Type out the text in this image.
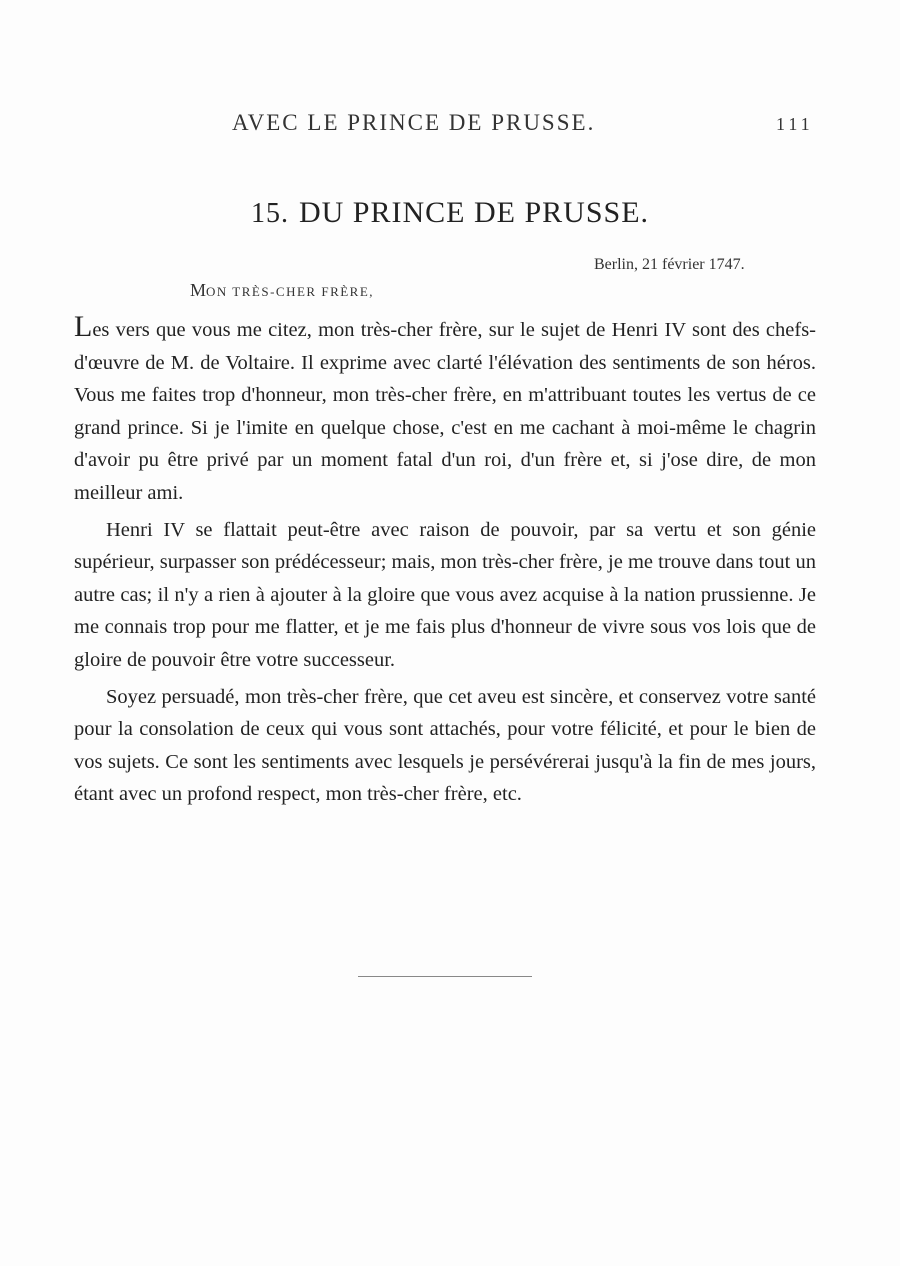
AVEC LE PRINCE DE PRUSSE.	111
15. DU PRINCE DE PRUSSE.
Berlin, 21 février 1747.
MON TRÈS-CHER FRÈRE,

Les vers que vous me citez, mon très-cher frère, sur le sujet de Henri IV sont des chefs-d'œuvre de M. de Voltaire. Il exprime avec clarté l'élévation des sentiments de son héros. Vous me faites trop d'honneur, mon très-cher frère, en m'attribuant toutes les vertus de ce grand prince. Si je l'imite en quelque chose, c'est en me cachant à moi-même le chagrin d'avoir pu être privé par un moment fatal d'un roi, d'un frère et, si j'ose dire, de mon meilleur ami.

Henri IV se flattait peut-être avec raison de pouvoir, par sa vertu et son génie supérieur, surpasser son prédécesseur; mais, mon très-cher frère, je me trouve dans tout un autre cas; il n'y a rien à ajouter à la gloire que vous avez acquise à la nation prussienne. Je me connais trop pour me flatter, et je me fais plus d'honneur de vivre sous vos lois que de gloire de pouvoir être votre successeur.

Soyez persuadé, mon très-cher frère, que cet aveu est sincère, et conservez votre santé pour la consolation de ceux qui vous sont attachés, pour votre félicité, et pour le bien de vos sujets. Ce sont les sentiments avec lesquels je persévérerai jusqu'à la fin de mes jours, étant avec un profond respect, mon très-cher frère, etc.
